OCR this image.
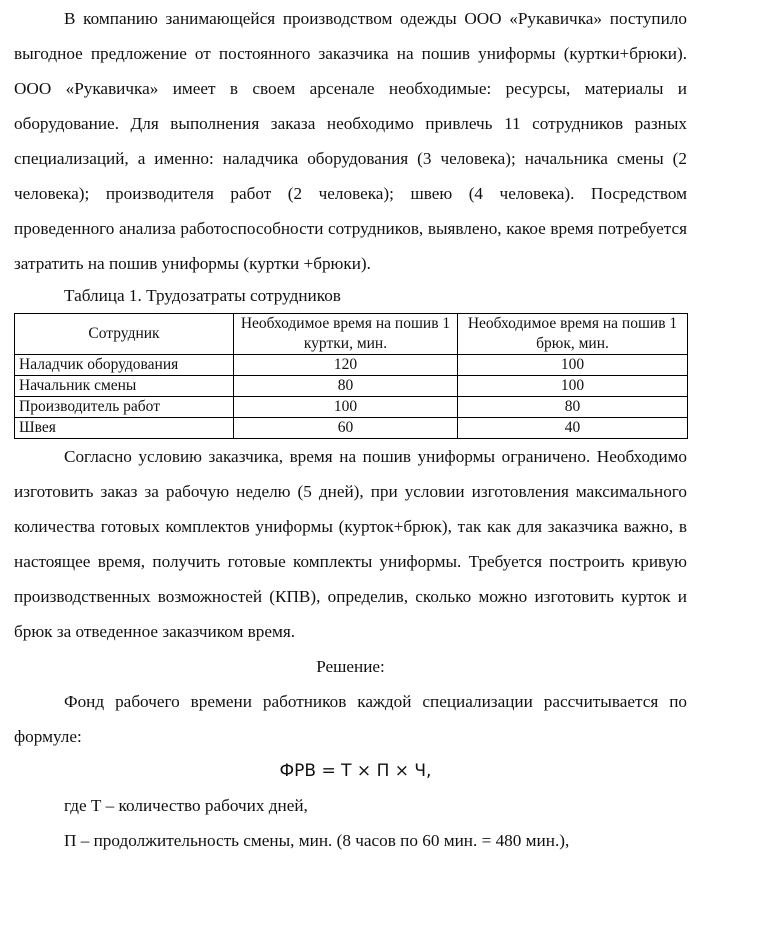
В компанию занимающейся производством одежды ООО «Рукавичка» поступило выгодное предложение от постоянного заказчика на пошив униформы (куртки+брюки). ООО «Рукавичка» имеет в своем арсенале необходимые: ресурсы, материалы и оборудование. Для выполнения заказа необходимо привлечь 11 сотрудников разных специализаций, а именно: наладчика оборудования (3 человека); начальника смены (2 человека); производителя работ (2 человека); швею (4 человека). Посредством проведенного анализа работоспособности сотрудников, выявлено, какое время потребуется затратить на пошив униформы (куртки +брюки).

Таблица 1. Трудозатраты сотрудников

Сотрудник	Необходимое время на пошив 1 куртки, мин.	Необходимое время на пошив 1 брюк, мин.
Наладчик оборудования	120	100
Начальник смены	80	100
Производитель работ	100	80
Швея	60	40

Согласно условию заказчика, время на пошив униформы ограничено. Необходимо изготовить заказ за рабочую неделю (5 дней), при условии изготовления максимального количества готовых комплектов униформы (курток+брюк), так как для заказчика важно, в настоящее время, получить готовые комплекты униформы. Требуется построить кривую производственных возможностей (КПВ), определив, сколько можно изготовить курток и брюк за отведенное заказчиком время.

Решение:

Фонд рабочего времени работников каждой специализации рассчитывается по формуле:

ФРВ = Т × П × Ч,

где Т – количество рабочих дней,

П – продолжительность смены, мин. (8 часов по 60 мин. = 480 мин.),
